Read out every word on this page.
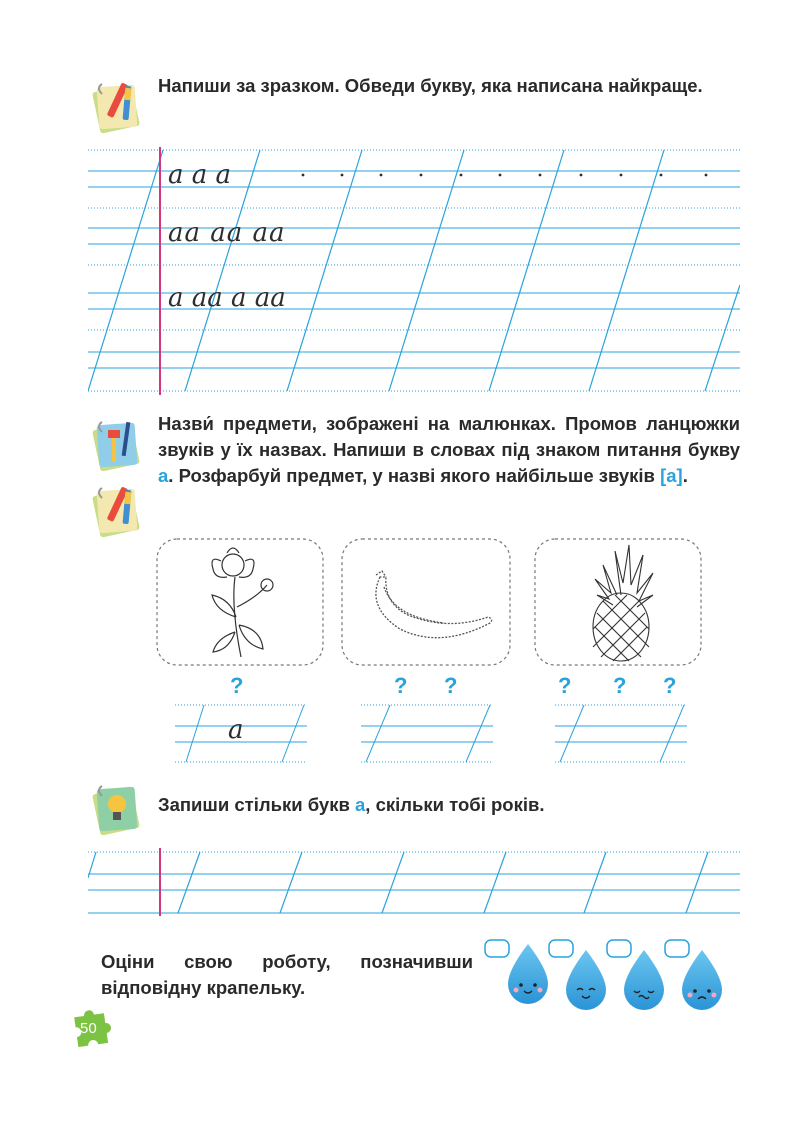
Напиши за зразком. Обведи букву, яка написана найкраще.
a a a
aa aa aa
a aa a aa
Назви́ предмети, зображені на малюнках. Промов ланцюжки звуків у їх назвах. Напиши в словах під знаком питання букву а. Розфарбуй предмет, у назві якого найбільше звуків [а].
?	? ?	? ? ?
a
Запиши стільки букв а, скільки тобі років.
Оціни свою роботу, позначивши відповідну крапельку.
50
